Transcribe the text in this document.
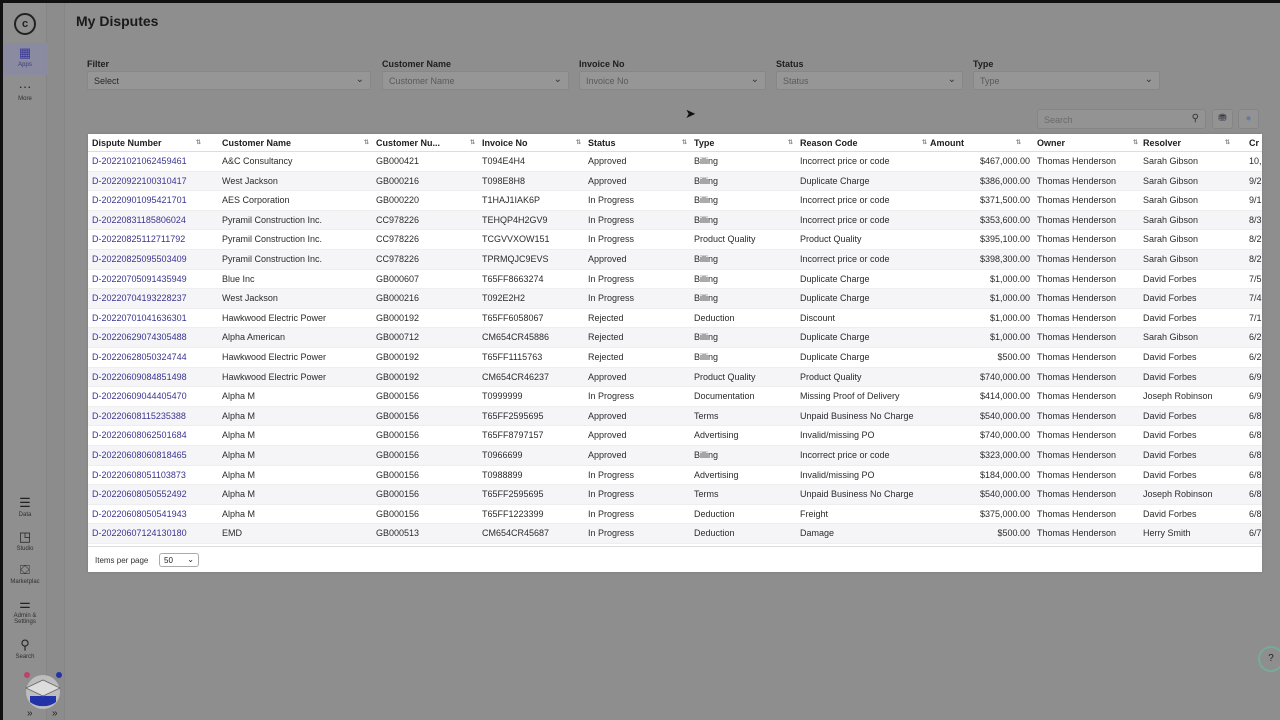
c
▦
Apps
···
More
☰
Data
◳
Studio
⛋
Marketplac
⚌
Admin & Settings
⚲
Search
» »
My Disputes
Filter
Select	⌄
Customer Name
Customer Name	⌄
Invoice No
Invoice No	⌄
Status
Status	⌄
Type
Type	⌄
Search	⚲	⛃	●
➤
Dispute Number	⇅ Customer Name	⇅ Customer Nu...	⇅ Invoice No	⇅ Status	⇅ Type	⇅ Reason Code	⇅ Amount	⇅ Owner	⇅ Resolver	⇅ Cr
D-20221021062459461	A&C Consultancy	GB000421	T094E4H4	Approved	Billing	Incorrect price or code	$467,000.00 Thomas Henderson	Sarah Gibson	10,
D-20220922100310417	West Jackson	GB000216	T098E8H8	Approved	Billing	Duplicate Charge	$386,000.00 Thomas Henderson	Sarah Gibson	9/2
D-20220901095421701	AES Corporation	GB000220	T1HAJ1IAK6P	In Progress	Billing	Incorrect price or code	$371,500.00 Thomas Henderson	Sarah Gibson	9/1
D-20220831185806024	Pyramil Construction Inc.	CC978226	TEHQP4H2GV9	In Progress	Billing	Incorrect price or code	$353,600.00 Thomas Henderson	Sarah Gibson	8/3
D-20220825112711792	Pyramil Construction Inc.	CC978226	TCGVVXOW151	In Progress	Product Quality	Product Quality	$395,100.00 Thomas Henderson	Sarah Gibson	8/2
D-20220825095503409	Pyramil Construction Inc.	CC978226	TPRMQJC9EVS	Approved	Billing	Incorrect price or code	$398,300.00 Thomas Henderson	Sarah Gibson	8/2
D-20220705091435949	Blue Inc	GB000607	T65FF8663274	In Progress	Billing	Duplicate Charge	$1,000.00 Thomas Henderson	David Forbes	7/5
D-20220704193228237	West Jackson	GB000216	T092E2H2	In Progress	Billing	Duplicate Charge	$1,000.00 Thomas Henderson	David Forbes	7/4
D-20220701041636301	Hawkwood Electric Power	GB000192	T65FF6058067	Rejected	Deduction	Discount	$1,000.00 Thomas Henderson	David Forbes	7/1
D-20220629074305488	Alpha American	GB000712	CM654CR45886	Rejected	Billing	Duplicate Charge	$1,000.00 Thomas Henderson	Sarah Gibson	6/2
D-20220628050324744	Hawkwood Electric Power	GB000192	T65FF1115763	Rejected	Billing	Duplicate Charge	$500.00 Thomas Henderson	David Forbes	6/2
D-20220609084851498	Hawkwood Electric Power	GB000192	CM654CR46237	Approved	Product Quality	Product Quality	$740,000.00 Thomas Henderson	David Forbes	6/9
D-20220609044405470	Alpha M	GB000156	T0999999	In Progress	Documentation	Missing Proof of Delivery	$414,000.00 Thomas Henderson	Joseph Robinson	6/9
D-20220608115235388	Alpha M	GB000156	T65FF2595695	Approved	Terms	Unpaid Business No Charge	$540,000.00 Thomas Henderson	David Forbes	6/8
D-20220608062501684	Alpha M	GB000156	T65FF8797157	Approved	Advertising	Invalid/missing PO	$740,000.00 Thomas Henderson	David Forbes	6/8
D-20220608060818465	Alpha M	GB000156	T0966699	Approved	Billing	Incorrect price or code	$323,000.00 Thomas Henderson	David Forbes	6/8
D-20220608051103873	Alpha M	GB000156	T0988899	In Progress	Advertising	Invalid/missing PO	$184,000.00 Thomas Henderson	David Forbes	6/8
D-20220608050552492	Alpha M	GB000156	T65FF2595695	In Progress	Terms	Unpaid Business No Charge	$540,000.00 Thomas Henderson	Joseph Robinson	6/8
D-20220608050541943	Alpha M	GB000156	T65FF1223399	In Progress	Deduction	Freight	$375,000.00 Thomas Henderson	David Forbes	6/8
D-20220607124130180	EMD	GB000513	CM654CR45687	In Progress	Deduction	Damage	$500.00 Thomas Henderson	Herry Smith	6/7
Items per page	50 ⌄
?
